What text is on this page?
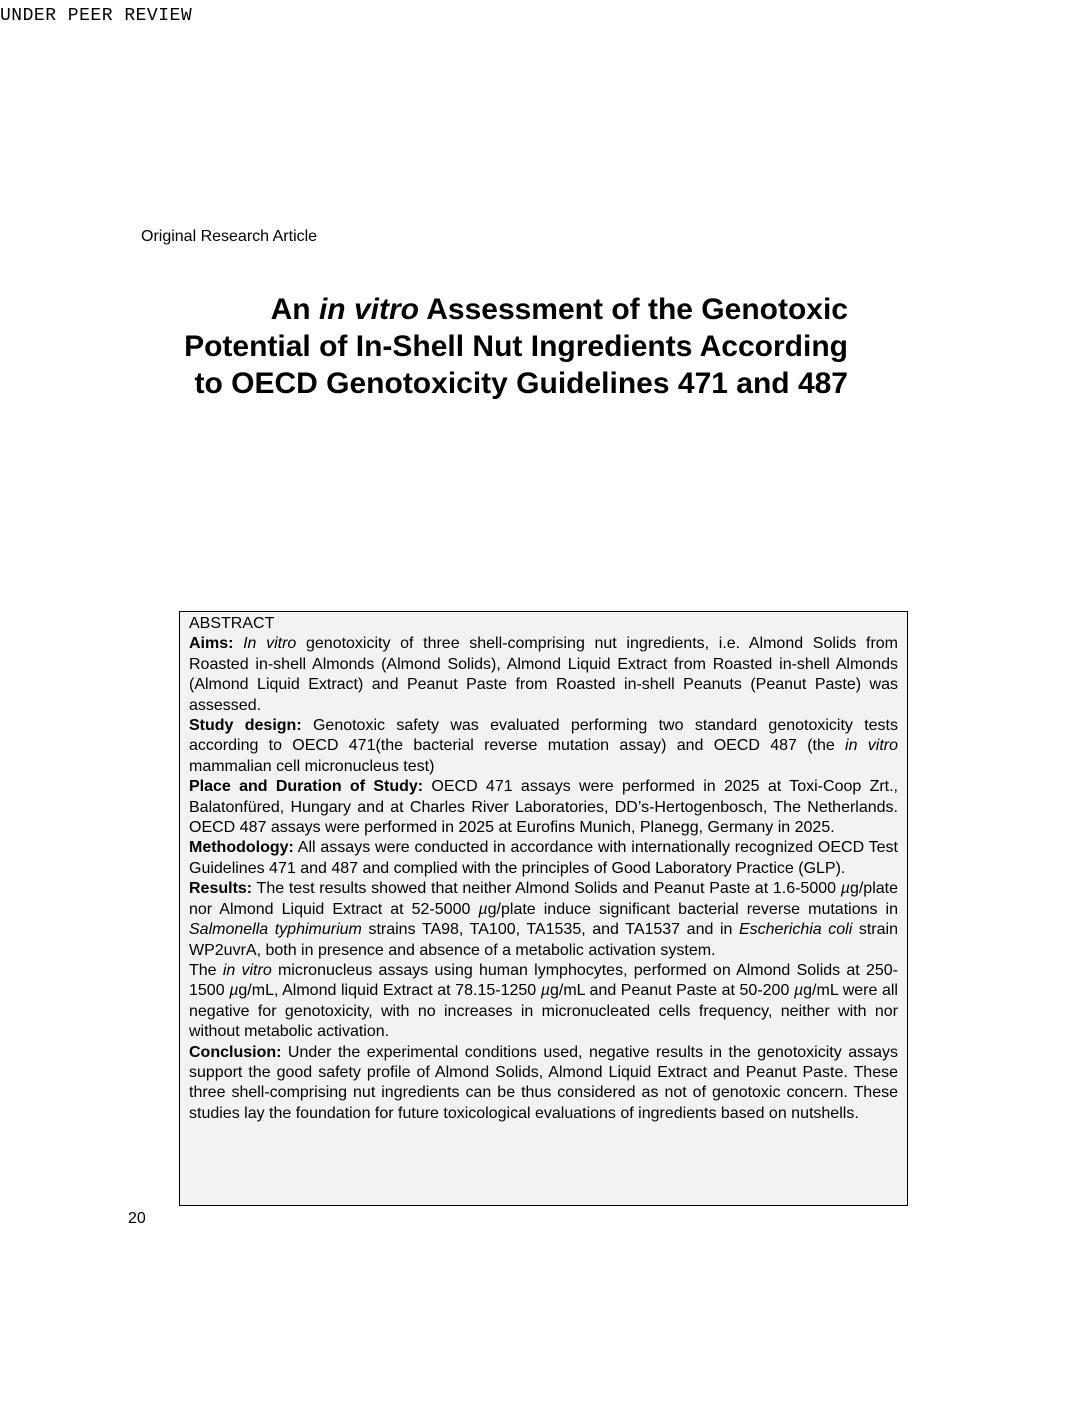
UNDER PEER REVIEW
Original Research Article
An in vitro Assessment of the Genotoxic
Potential of In-Shell Nut Ingredients According
to OECD Genotoxicity Guidelines 471 and 487
ABSTRACT

Aims: In vitro genotoxicity of three shell-comprising nut ingredients, i.e. Almond Solids from Roasted in-shell Almonds (Almond Solids), Almond Liquid Extract from Roasted in-shell Almonds (Almond Liquid Extract) and Peanut Paste from Roasted in-shell Peanuts (Peanut Paste) was assessed.

Study design: Genotoxic safety was evaluated performing two standard genotoxicity tests according to OECD 471(the bacterial reverse mutation assay) and OECD 487 (the in vitro mammalian cell micronucleus test)

Place and Duration of Study: OECD 471 assays were performed in 2025 at Toxi-Coop Zrt., Balatonfüred, Hungary and at Charles River Laboratories, DD’s-Hertogenbosch, The Netherlands. OECD 487 assays were performed in 2025 at Eurofins Munich, Planegg, Germany in 2025.

Methodology: All assays were conducted in accordance with internationally recognized OECD Test Guidelines 471 and 487 and complied with the principles of Good Laboratory Practice (GLP).

Results: The test results showed that neither Almond Solids and Peanut Paste at 1.6-5000 µg/plate nor Almond Liquid Extract at 52-5000 µg/plate induce significant bacterial reverse mutations in Salmonella typhimurium strains TA98, TA100, TA1535, and TA1537 and in Escherichia coli strain WP2uvrA, both in presence and absence of a metabolic activation system.

The in vitro micronucleus assays using human lymphocytes, performed on Almond Solids at 250-1500 µg/mL, Almond liquid Extract at 78.15-1250 µg/mL and Peanut Paste at 50-200 µg/mL were all negative for genotoxicity, with no increases in micronucleated cells frequency, neither with nor without metabolic activation.

Conclusion: Under the experimental conditions used, negative results in the genotoxicity assays support the good safety profile of Almond Solids, Almond Liquid Extract and Peanut Paste. These three shell-comprising nut ingredients can be thus considered as not of genotoxic concern. These studies lay the foundation for future toxicological evaluations of ingredients based on nutshells.

20
